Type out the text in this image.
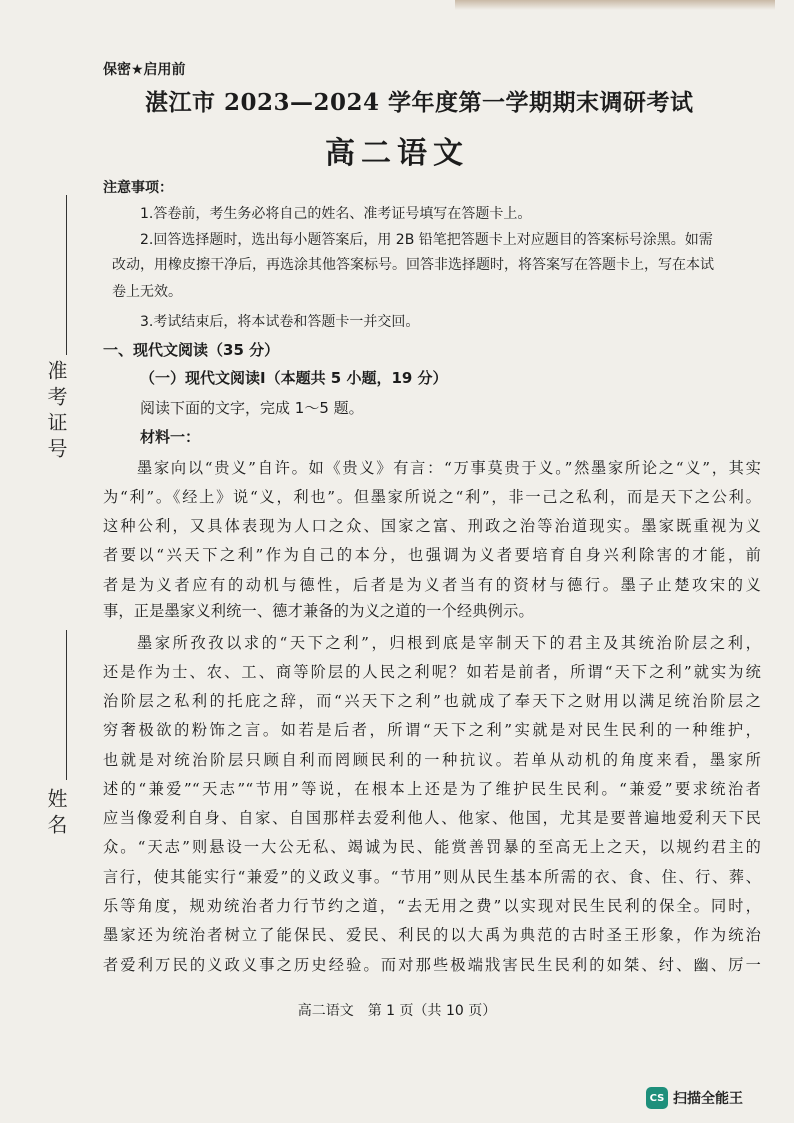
准考证号
姓名
保密★启用前
湛江市 2023—2024 学年度第一学期期末调研考试
高二语文
注意事项：
1.答卷前，考生务必将自己的姓名、准考证号填写在答题卡上。
2.回答选择题时，选出每小题答案后，用 2B 铅笔把答题卡上对应题目的答案标号涂黑。如需
改动，用橡皮擦干净后，再选涂其他答案标号。回答非选择题时，将答案写在答题卡上，写在本试
卷上无效。
3.考试结束后，将本试卷和答题卡一并交回。
一、现代文阅读（35 分）
（一）现代文阅读Ⅰ（本题共 5 小题，19 分）
阅读下面的文字，完成 1～5 题。
材料一：
墨家向以“贵义”自许。如《贵义》有言：“万事莫贵于义。”然墨家所论之“义”，其实
为“利”。《经上》说“义，利也”。但墨家所说之“利”，非一己之私利，而是天下之公利。
这种公利，又具体表现为人口之众、国家之富、刑政之治等治道现实。墨家既重视为义
者要以“兴天下之利”作为自己的本分，也强调为义者要培育自身兴利除害的才能，前
者是为义者应有的动机与德性，后者是为义者当有的资材与德行。墨子止楚攻宋的义
事，正是墨家义利统一、德才兼备的为义之道的一个经典例示。
墨家所孜孜以求的“天下之利”，归根到底是宰制天下的君主及其统治阶层之利，
还是作为士、农、工、商等阶层的人民之利呢？如若是前者，所谓“天下之利”就实为统
治阶层之私利的托庇之辞，而“兴天下之利”也就成了奉天下之财用以满足统治阶层之
穷奢极欲的粉饰之言。如若是后者，所谓“天下之利”实就是对民生民利的一种维护，
也就是对统治阶层只顾自利而罔顾民利的一种抗议。若单从动机的角度来看，墨家所
述的“兼爱”“天志”“节用”等说，在根本上还是为了维护民生民利。“兼爱”要求统治者
应当像爱利自身、自家、自国那样去爱利他人、他家、他国，尤其是要普遍地爱利天下民
众。“天志”则悬设一大公无私、竭诚为民、能赏善罚暴的至高无上之天，以规约君主的
言行，使其能实行“兼爱”的义政义事。“节用”则从民生基本所需的衣、食、住、行、葬、
乐等角度，规劝统治者力行节约之道，“去无用之费”以实现对民生民利的保全。同时，
墨家还为统治者树立了能保民、爱民、利民的以大禹为典范的古时圣王形象，作为统治
者爱利万民的义政义事之历史经验。而对那些极端戕害民生民利的如桀、纣、幽、厉一
高二语文　第 1 页（共 10 页）
CS 扫描全能王
